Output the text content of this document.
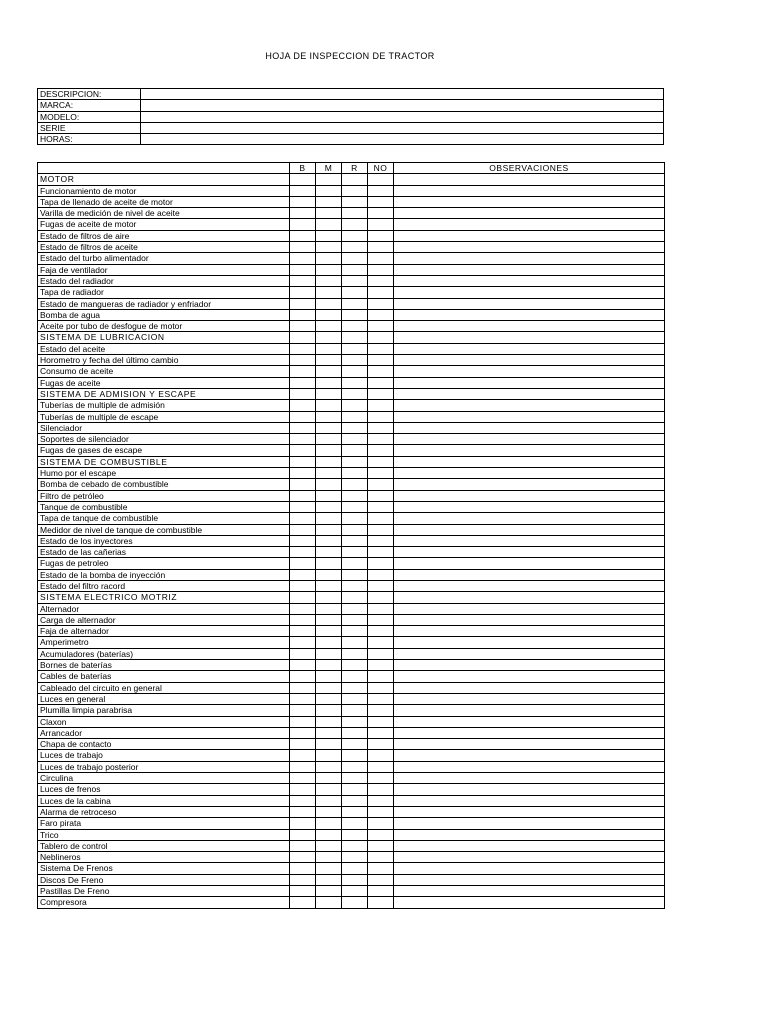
HOJA DE INSPECCION DE TRACTOR
DESCRIPCION:	
MARCA:	
MODELO:	
SERIE	
HORAS:	
	B	M	R	NO	OBSERVACIONES
MOTOR					
Funcionamiento de motor					
Tapa de llenado de aceite de motor					
Varilla de medición de nivel de aceite					
Fugas de aceite de motor					
Estado de filtros de aire					
Estado de filtros de aceite					
Estado del turbo alimentador					
Faja de ventilador					
Estado del radiador					
Tapa de radiador					
Estado de mangueras de radiador y enfriador					
Bomba de agua					
Aceite por tubo de desfogue de motor					
SISTEMA DE LUBRICACION					
Estado del aceite					
Horometro y fecha del último cambio					
Consumo de aceite					
Fugas de aceite					
SISTEMA DE ADMISION Y ESCAPE					
Tuberías de multiple de admisión					
Tuberías de multiple de escape					
Silenciador					
Soportes de silenciador					
Fugas de gases de escape					
SISTEMA DE COMBUSTIBLE					
Humo por el escape					
Bomba de cebado de combustible					
Filtro de petróleo					
Tanque de combustible					
Tapa de tanque de combustible					
Medidor de nivel de tanque de combustible					
Estado de los inyectores					
Estado de las cañerias					
Fugas de petroleo					
Estado de la bomba de inyección					
Estado del filtro racord					
SISTEMA ELECTRICO MOTRIZ					
Alternador					
Carga de alternador					
Faja de alternador					
Amperimetro					
Acumuladores (baterías)					
Bornes de baterías					
Cables de baterías					
Cableado del circuito en general					
Luces en general					
Plumilla limpia parabrisa					
Claxon					
Arrancador					
Chapa de contacto					
Luces de trabajo					
Luces de trabajo posterior					
Circulina					
Luces de frenos					
Luces de la cabina					
Alarma de retroceso					
Faro pirata					
Trico					
Tablero de control					
Neblineros					
Sistema De Frenos					
Discos De Freno					
Pastillas De Freno					
Compresora					
